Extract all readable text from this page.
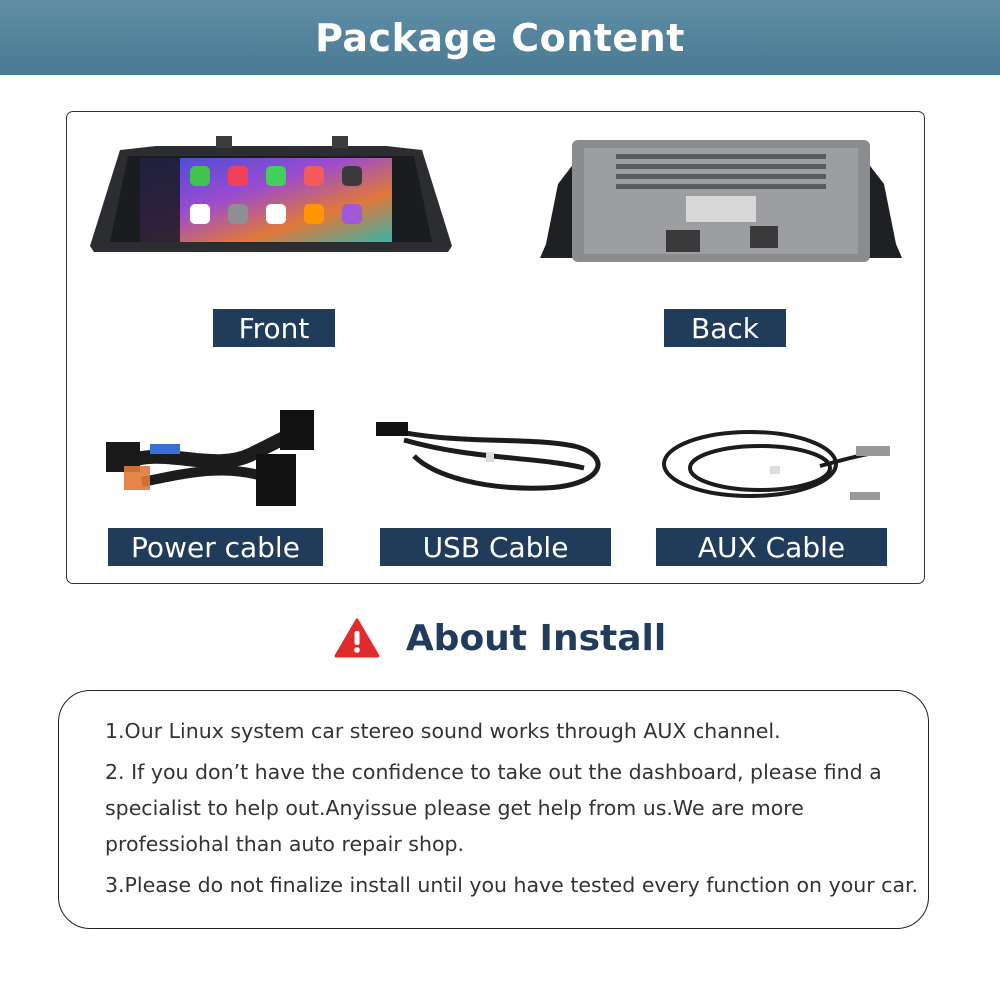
Package Content
Front	Back
Power cable	USB Cable	AUX Cable
About Install
1.Our Linux system car stereo sound works through AUX channel.
2. If you don’t have the confidence to take out the dashboard, please find a
specialist to help out.Anyissue please get help from us.We are more
professiohal than auto repair shop.
3.Please do not finalize install until you have tested every function on your car.
